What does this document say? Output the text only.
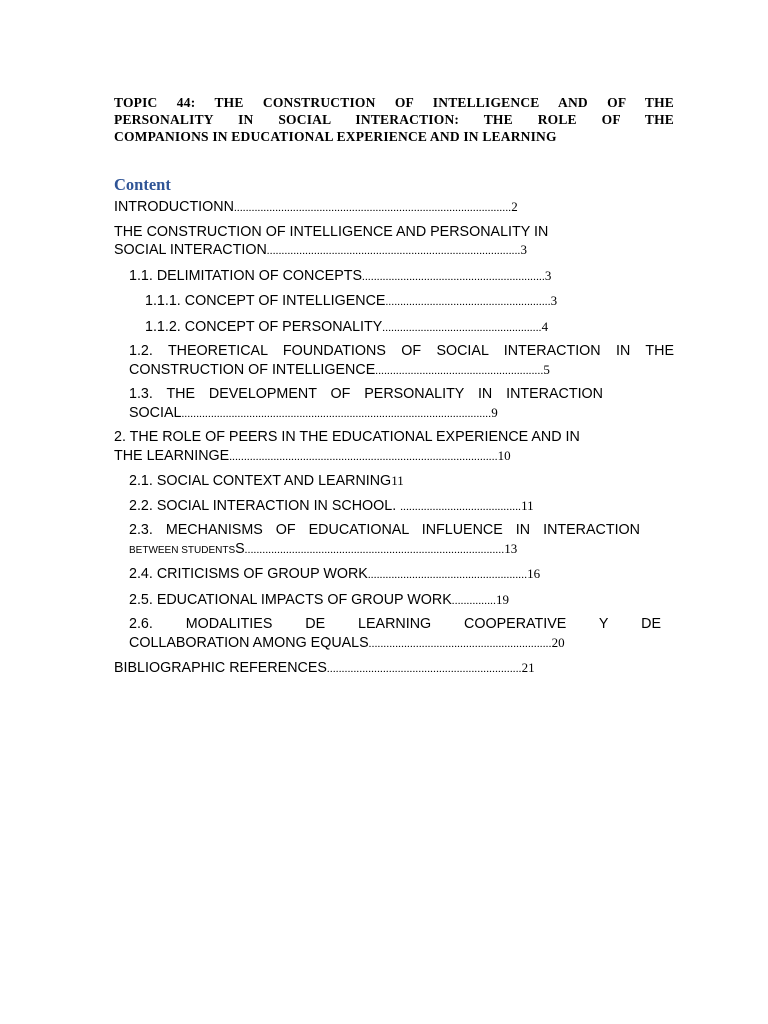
TOPIC 44: THE CONSTRUCTION OF INTELLIGENCE AND OF THE
PERSONALITY IN SOCIAL INTERACTION: THE ROLE OF THE
COMPANIONS IN EDUCATIONAL EXPERIENCE AND IN LEARNING
Content
INTRODUCTIONN..............................................................................................2
THE CONSTRUCTION OF INTELLIGENCE AND PERSONALITY IN
SOCIAL INTERACTION......................................................................................3
1.1. DELIMITATION OF CONCEPTS..............................................................3
1.1.1. CONCEPT OF INTELLIGENCE........................................................3
1.1.2. CONCEPT OF PERSONALITY......................................................4
1.2. THEORETICAL FOUNDATIONS OF SOCIAL INTERACTION IN THE
CONSTRUCTION OF INTELLIGENCE.........................................................5
1.3. THE DEVELOPMENT OF PERSONALITY IN INTERACTION
SOCIAL.........................................................................................................9
2. THE ROLE OF PEERS IN THE EDUCATIONAL EXPERIENCE AND IN
THE LEARNINGE...........................................................................................10
2.1. SOCIAL CONTEXT AND LEARNING11
2.2. SOCIAL INTERACTION IN SCHOOL. .........................................11
2.3. MECHANISMS OF EDUCATIONAL INFLUENCE IN INTERACTION
BETWEEN STUDENTSS........................................................................................13
2.4. CRITICISMS OF GROUP WORK......................................................16
2.5. EDUCATIONAL IMPACTS OF GROUP WORK...............19
2.6. MODALITIES DE LEARNING COOPERATIVE Y DE
COLLABORATION AMONG EQUALS..............................................................20
BIBLIOGRAPHIC REFERENCES..................................................................21
